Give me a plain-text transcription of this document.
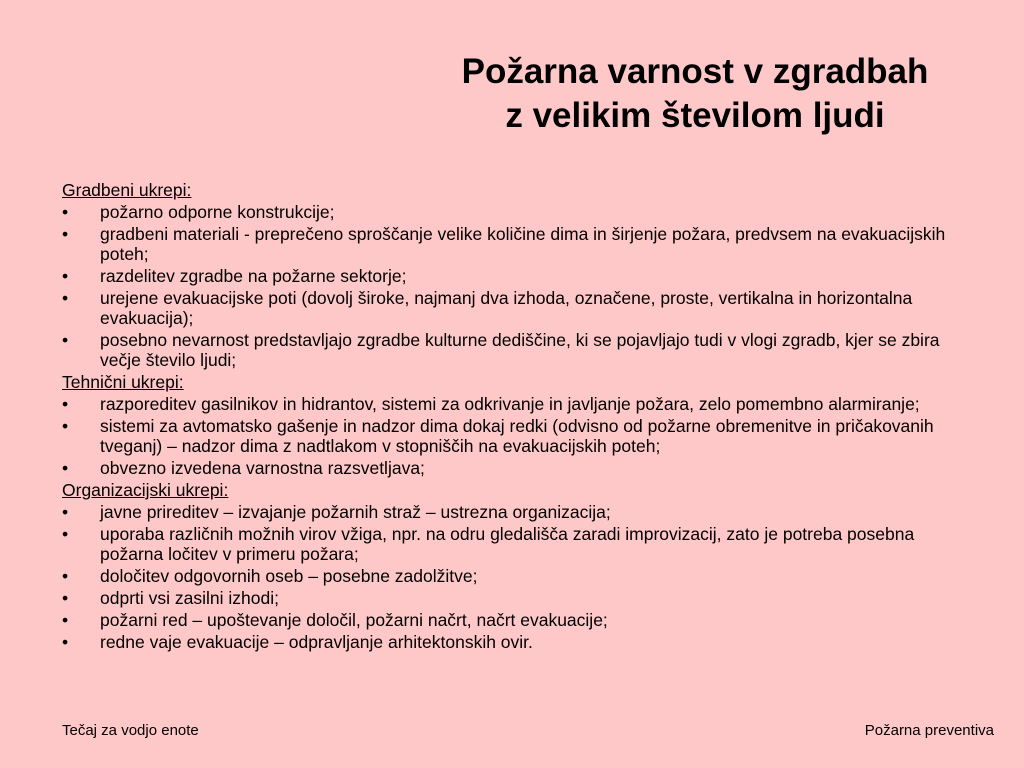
Požarna varnost v zgradbah
z velikim številom ljudi
Gradbeni ukrepi:
• požarno odporne konstrukcije;
• gradbeni materiali - preprečeno sproščanje velike količine dima in širjenje požara, predvsem na evakuacijskih poteh;
• razdelitev zgradbe na požarne sektorje;
• urejene evakuacijske poti (dovolj široke, najmanj dva izhoda, označene, proste, vertikalna in horizontalna evakuacija);
• posebno nevarnost predstavljajo zgradbe kulturne dediščine, ki se pojavljajo tudi v vlogi zgradb, kjer se zbira večje število ljudi;
Tehnični ukrepi:
• razporeditev gasilnikov in hidrantov, sistemi za odkrivanje in javljanje požara, zelo pomembno alarmiranje;
• sistemi za avtomatsko gašenje in nadzor dima dokaj redki (odvisno od požarne obremenitve in pričakovanih tveganj) – nadzor dima z nadtlakom v stopniščih na evakuacijskih poteh;
• obvezno izvedena varnostna razsvetljava;
Organizacijski ukrepi:
• javne prireditev – izvajanje požarnih straž – ustrezna organizacija;
• uporaba različnih možnih virov vžiga, npr. na odru gledališča zaradi improvizacij, zato je potreba posebna požarna ločitev v primeru požara;
• določitev odgovornih oseb – posebne zadolžitve;
• odprti vsi zasilni izhodi;
• požarni red – upoštevanje določil, požarni načrt, načrt evakuacije;
• redne vaje evakuacije – odpravljanje arhitektonskih ovir.
Tečaj za vodjo enote	Požarna preventiva
